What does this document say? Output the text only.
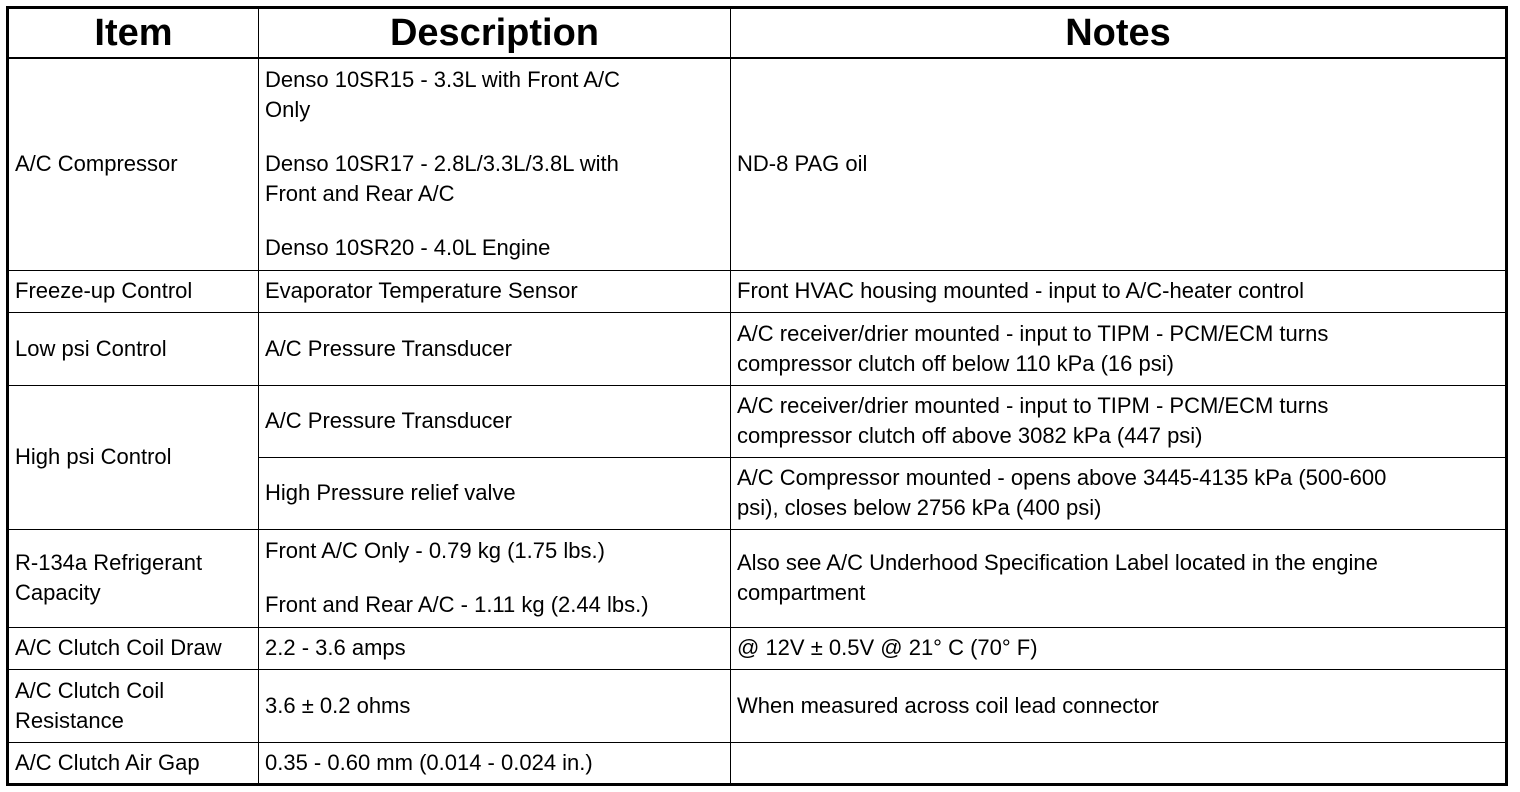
Item	Description	Notes
A/C Compressor	Denso 10SR15 - 3.3L with Front A/C
Only
Denso 10SR17 - 2.8L/3.3L/3.8L with
Front and Rear A/C
Denso 10SR20 - 4.0L Engine	ND-8 PAG oil
Freeze-up Control	Evaporator Temperature Sensor	Front HVAC housing mounted - input to A/C-heater control
Low psi Control	A/C Pressure Transducer	A/C receiver/drier mounted - input to TIPM - PCM/ECM turns
compressor clutch off below 110 kPa (16 psi)

High psi Control	A/C Pressure Transducer	A/C receiver/drier mounted - input to TIPM - PCM/ECM turns
compressor clutch off above 3082 kPa (447 psi)

	High Pressure relief valve	A/C Compressor mounted - opens above 3445-4135 kPa (500-600
psi), closes below 2756 kPa (400 psi)

R-134a Refrigerant
Capacity	Front A/C Only - 0.79 kg (1.75 lbs.)
Front and Rear A/C - 1.11 kg (2.44 lbs.)	Also see A/C Underhood Specification Label located in the engine
compartment

A/C Clutch Coil Draw	2.2 - 3.6 amps	@ 12V ± 0.5V @ 21° C (70° F)

A/C Clutch Coil
Resistance	3.6 ± 0.2 ohms	When measured across coil lead connector
A/C Clutch Air Gap	0.35 - 0.60 mm (0.014 - 0.024 in.)	
